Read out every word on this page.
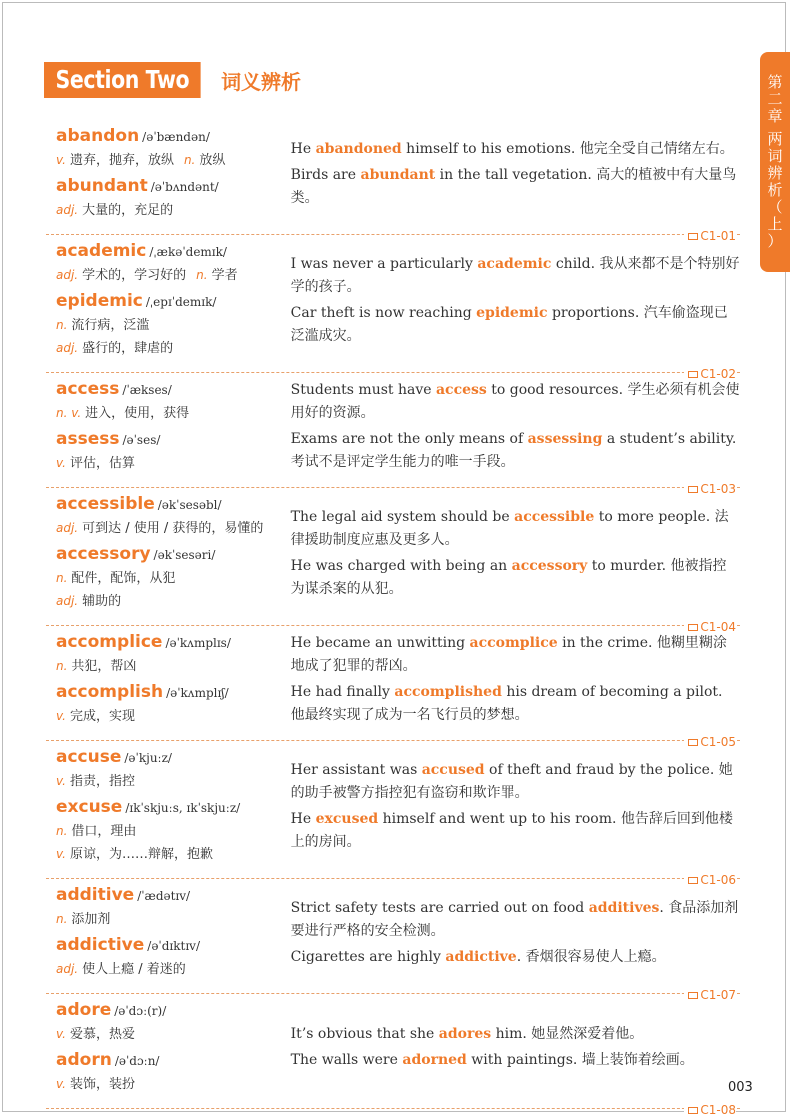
Section Two	词义辨析	第
二
章
两
词
辨
析
（
上
）
abandon /əˈbændən/
v. 遗弃，抛弃，放纵 n. 放纵
abundant /əˈbʌndənt/
adj. 大量的，充足的
He abandoned himself to his emotions. 他完全受自己情绪左右。
Birds are abundant in the tall vegetation. 高大的植被中有大量鸟类。
C1-01
academic /ˌækəˈdemɪk/
adj. 学术的，学习好的 n. 学者
epidemic /ˌepɪˈdemɪk/
n. 流行病，泛滥
adj. 盛行的，肆虐的
I was never a particularly academic child. 我从来都不是个特别好学的孩子。
Car theft is now reaching epidemic proportions. 汽车偷盗现已泛滥成灾。
C1-02
access /ˈækses/
n. v. 进入，使用，获得
assess /əˈses/
v. 评估，估算
Students must have access to good resources. 学生必须有机会使用好的资源。
Exams are not the only means of assessing a student’s ability. 考试不是评定学生能力的唯一手段。
C1-03
accessible /əkˈsesəbl/
adj. 可到达 / 使用 / 获得的，易懂的
accessory /əkˈsesəri/
n. 配件，配饰，从犯
adj. 辅助的
The legal aid system should be accessible to more people. 法律援助制度应惠及更多人。
He was charged with being an accessory to murder. 他被指控为谋杀案的从犯。
C1-04
accomplice /əˈkʌmplɪs/
n. 共犯，帮凶
accomplish /əˈkʌmplɪʃ/
v. 完成，实现
He became an unwitting accomplice in the crime. 他糊里糊涂地成了犯罪的帮凶。
He had finally accomplished his dream of becoming a pilot. 他最终实现了成为一名飞行员的梦想。
C1-05
accuse /əˈkjuːz/
v. 指责，指控
excuse /ɪkˈskjuːs, ɪkˈskjuːz/
n. 借口，理由
v. 原谅，为……辩解，抱歉
Her assistant was accused of theft and fraud by the police. 她的助手被警方指控犯有盗窃和欺诈罪。
He excused himself and went up to his room. 他告辞后回到他楼上的房间。
C1-06
additive /ˈædətɪv/
n. 添加剂
addictive /əˈdɪktɪv/
adj. 使人上瘾 / 着迷的
Strict safety tests are carried out on food additives. 食品添加剂要进行严格的安全检测。
Cigarettes are highly addictive. 香烟很容易使人上瘾。
C1-07
adore /əˈdɔː(r)/
v. 爱慕，热爱
adorn /əˈdɔːn/
v. 装饰，装扮
It’s obvious that she adores him. 她显然深爱着他。
The walls were adorned with paintings. 墙上装饰着绘画。
C1-08
003
